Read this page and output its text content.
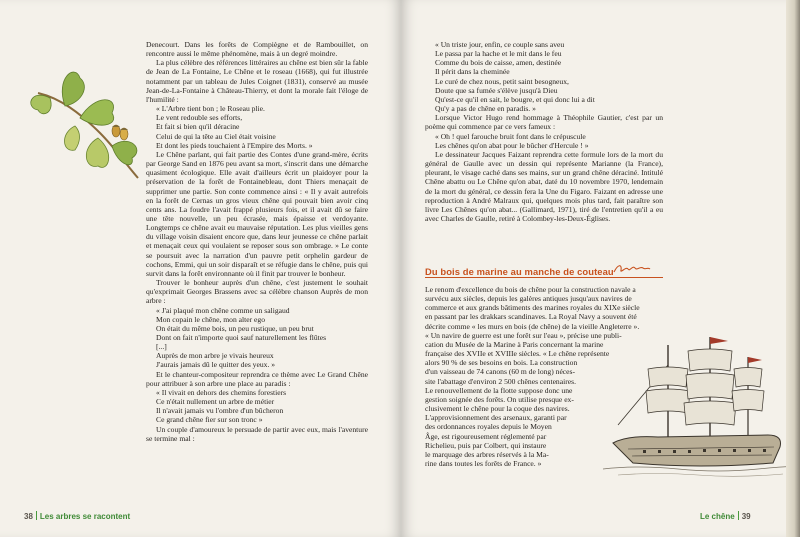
Denecourt. Dans les forêts de Compiègne et de Rambouillet, on rencontre aussi le même phénomène, mais à un degré moindre.

La plus célèbre des références littéraires au chêne est bien sûr la fable de Jean de La Fontaine, Le Chêne et le roseau (1668), qui fut illustrée notamment par un tableau de Jules Coignet (1831), conservé au musée Jean-de-La-Fontaine à Château-Thierry, et dont la morale fait l'éloge de l'humilité :

« L'Arbre tient bon ; le Roseau plie.
Le vent redouble ses efforts,
Et fait si bien qu'il déracine
Celui de qui la tête au Ciel était voisine
Et dont les pieds touchaient à l'Empire des Morts. »

Le Chêne parlant, qui fait partie des Contes d'une grand-mère, écrits par George Sand en 1876 peu avant sa mort, s'inscrit dans une démarche quasiment écologique. Elle avait d'ailleurs écrit un plaidoyer pour la préservation de la forêt de Fontainebleau, dont Thiers menaçait de supprimer une partie. Son conte commence ainsi : « Il y avait autrefois en la forêt de Cernas un gros vieux chêne qui pouvait bien avoir cinq cents ans. La foudre l'avait frappé plusieurs fois, et il avait dû se faire une tête nouvelle, un peu écrasée, mais épaisse et verdoyante. Longtemps ce chêne avait eu mauvaise réputation. Les plus vieilles gens du village voisin disaient encore que, dans leur jeunesse ce chêne parlait et menaçait ceux qui voulaient se reposer sous son ombrage. » Le conte se poursuit avec la narration d'un pauvre petit orphelin gardeur de cochons, Emmi, qui un soir disparaît et se réfugie dans le chêne, puis qui survit dans la forêt environnante où il finit par trouver le bonheur.

Trouver le bonheur auprès d'un chêne, c'est justement le souhait qu'exprimait Georges Brassens avec sa célèbre chanson Auprès de mon arbre :

« J'ai plaqué mon chêne comme un saligaud
Mon copain le chêne, mon alter ego
On était du même bois, un peu rustique, un peu brut
Dont on fait n'importe quoi sauf naturellement les flûtes
[...]
Auprès de mon arbre je vivais heureux
J'aurais jamais dû le quitter des yeux. »

Et le chanteur-compositeur reprendra ce thème avec Le Grand Chêne pour attribuer à son arbre une place au paradis :

« Il vivait en dehors des chemins forestiers
Ce n'était nullement un arbre de métier
Il n'avait jamais vu l'ombre d'un bûcheron
Ce grand chêne fier sur son tronc »

Un couple d'amoureux le persuade de partir avec eux, mais l'aventure se termine mal :

38 Les arbres se racontent
« Un triste jour, enfin, ce couple sans aveu
Le passa par la hache et le mit dans le feu
Comme du bois de caisse, amen, destinée
Il périt dans la cheminée
Le curé de chez nous, petit saint besogneux,
Doute que sa fumée s'élève jusqu'à Dieu
Qu'est-ce qu'il en sait, le bougre, et qui donc lui a dit
Qu'y a pas de chêne en paradis. »

Lorsque Victor Hugo rend hommage à Théophile Gautier, c'est par un poème qui commence par ce vers fameux :

« Oh ! quel farouche bruit font dans le crépuscule
Les chênes qu'on abat pour le bûcher d'Hercule ! »

Le dessinateur Jacques Faizant reprendra cette formule lors de la mort du général de Gaulle avec un dessin qui représente Marianne (la France), pleurant, le visage caché dans ses mains, sur un grand chêne déraciné. Intitulé Chêne abattu ou Le Chêne qu'on abat, daté du 10 novembre 1970, lendemain de la mort du général, ce dessin fera la Une du Figaro. Faizant en adresse une reproduction à André Malraux qui, quelques mois plus tard, fait paraître son livre Les Chênes qu'on abat... (Gallimard, 1971), tiré de l'entretien qu'il a eu avec Charles de Gaulle, retiré à Colombey-les-Deux-Églises.

Du bois de marine au manche de couteau
Le renom d'excellence du bois de chêne pour la construction navale a
survécu aux siècles, depuis les galères antiques jusqu'aux navires de
commerce et aux grands bâtiments des marines royales du XIXe siècle
en passant par les drakkars scandinaves. La Royal Navy a souvent été
décrite comme « les murs en bois (de chêne) de la vieille Angleterre ».
« Un navire de guerre est une forêt sur l'eau », précise une publi-
cation du Musée de la Marine à Paris concernant la marine
française des XVIIe et XVIIIe siècles. « Le chêne représente
alors 90 % de ses besoins en bois. La construction
d'un vaisseau de 74 canons (60 m de long) néces-
site l'abattage d'environ 2 500 chênes centenaires.
Le renouvellement de la flotte suppose donc une
gestion soignée des forêts. On utilise presque ex-
clusivement le chêne pour la coque des navires.
L'approvisionnement des arsenaux, garanti par
des ordonnances royales depuis le Moyen
Âge, est rigoureusement réglementé par
Richelieu, puis par Colbert, qui instaure
le marquage des arbres réservés à la Ma-
rine dans toutes les forêts de France. »
Le chêne 39
